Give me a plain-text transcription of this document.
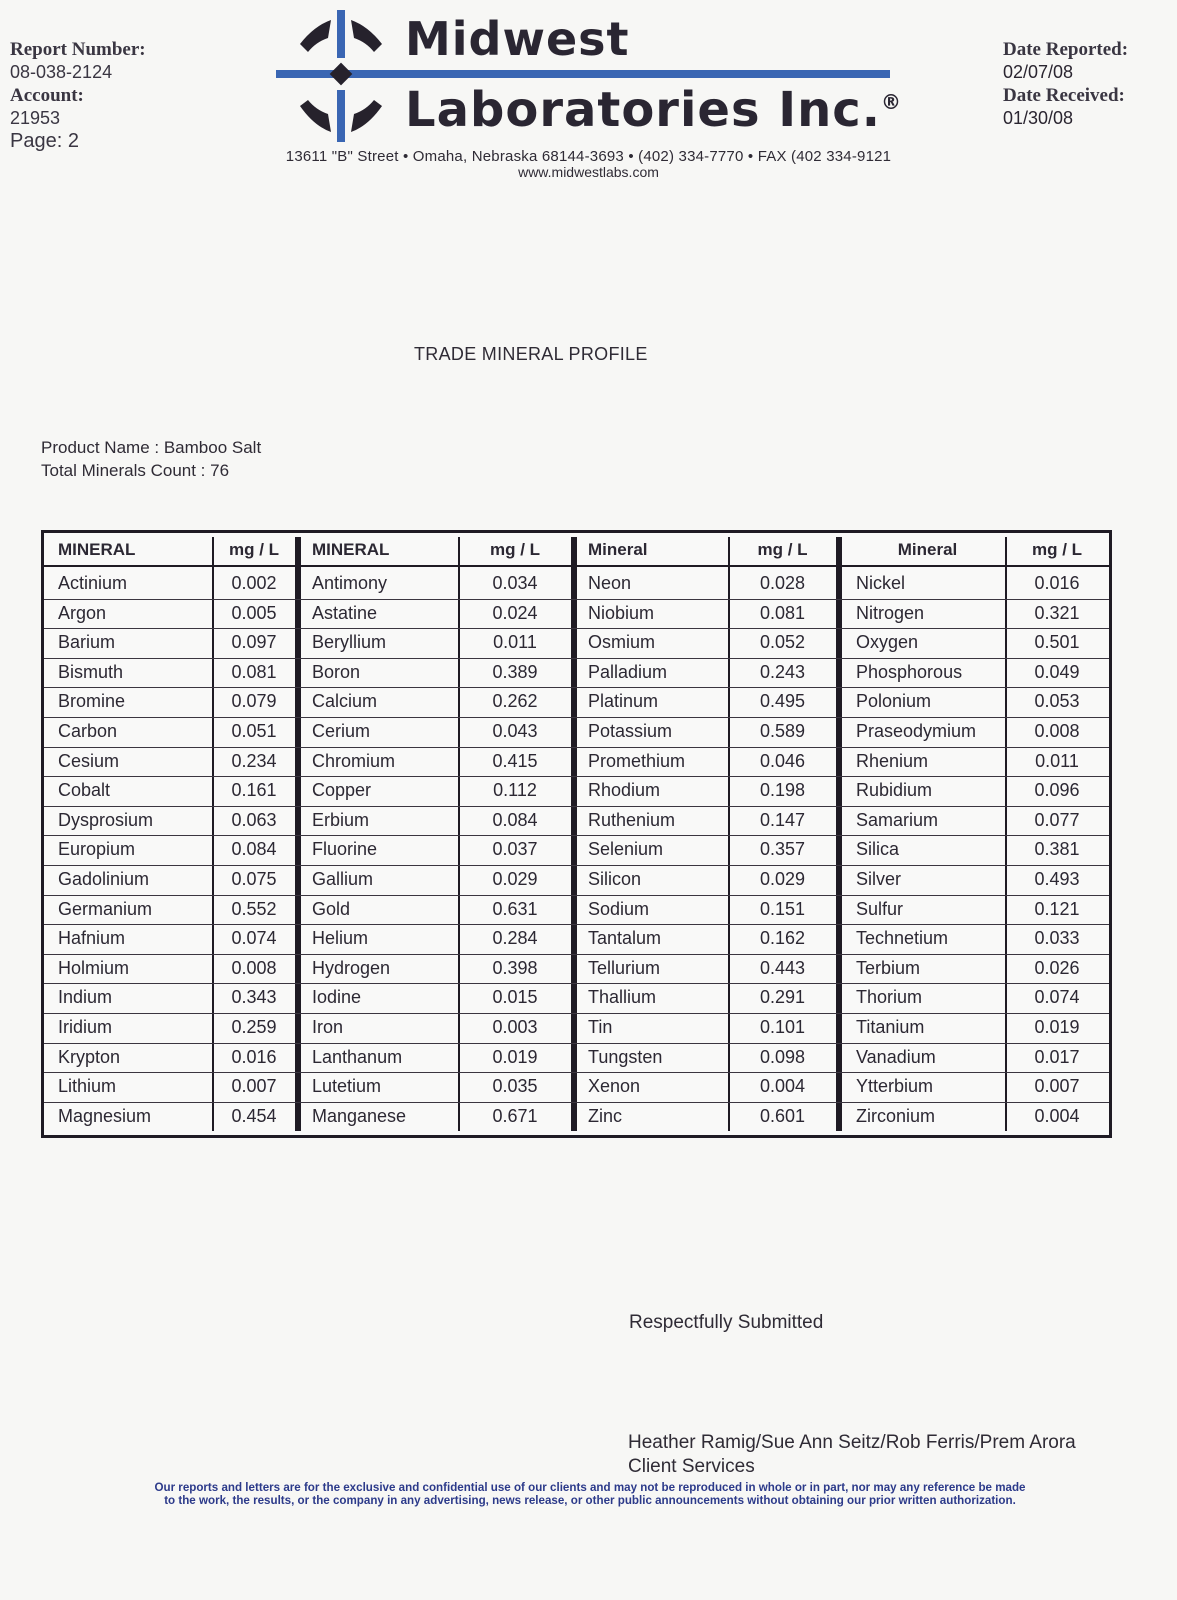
Report Number:
08-038-2124
Account:
21953
Page: 2
Midwest
Laboratories Inc.®
13611 "B" Street • Omaha, Nebraska 68144-3693 • (402) 334-7770 • FAX (402 334-9121
www.midwestlabs.com
Date Reported:
02/07/08
Date Received:
01/30/08
TRADE MINERAL PROFILE
Product Name : Bamboo Salt
Total Minerals Count : 76
MINERAL	mg / L
Actinium	0.002
Argon	0.005
Barium	0.097
Bismuth	0.081
Bromine	0.079
Carbon	0.051
Cesium	0.234
Cobalt	0.161
Dysprosium	0.063
Europium	0.084
Gadolinium	0.075
Germanium	0.552
Hafnium	0.074
Holmium	0.008
Indium	0.343
Iridium	0.259
Krypton	0.016
Lithium	0.007
Magnesium	0.454
MINERAL	mg / L
Antimony	0.034
Astatine	0.024
Beryllium	0.011
Boron	0.389
Calcium	0.262
Cerium	0.043
Chromium	0.415
Copper	0.112
Erbium	0.084
Fluorine	0.037
Gallium	0.029
Gold	0.631
Helium	0.284
Hydrogen	0.398
Iodine	0.015
Iron	0.003
Lanthanum	0.019
Lutetium	0.035
Manganese	0.671
Mineral	mg / L
Neon	0.028
Niobium	0.081
Osmium	0.052
Palladium	0.243
Platinum	0.495
Potassium	0.589
Promethium	0.046
Rhodium	0.198
Ruthenium	0.147
Selenium	0.357
Silicon	0.029
Sodium	0.151
Tantalum	0.162
Tellurium	0.443
Thallium	0.291
Tin	0.101
Tungsten	0.098
Xenon	0.004
Zinc	0.601
Mineral	mg / L
Nickel	0.016
Nitrogen	0.321
Oxygen	0.501
Phosphorous	0.049
Polonium	0.053
Praseodymium	0.008
Rhenium	0.011
Rubidium	0.096
Samarium	0.077
Silica	0.381
Silver	0.493
Sulfur	0.121
Technetium	0.033
Terbium	0.026
Thorium	0.074
Titanium	0.019
Vanadium	0.017
Ytterbium	0.007
Zirconium	0.004
Respectfully Submitted
Heather Ramig/Sue Ann Seitz/Rob Ferris/Prem Arora
Client Services
Our reports and letters are for the exclusive and confidential use of our clients and may not be reproduced in whole or in part, nor may any reference be made
to the work, the results, or the company in any advertising, news release, or other public announcements without obtaining our prior written authorization.
